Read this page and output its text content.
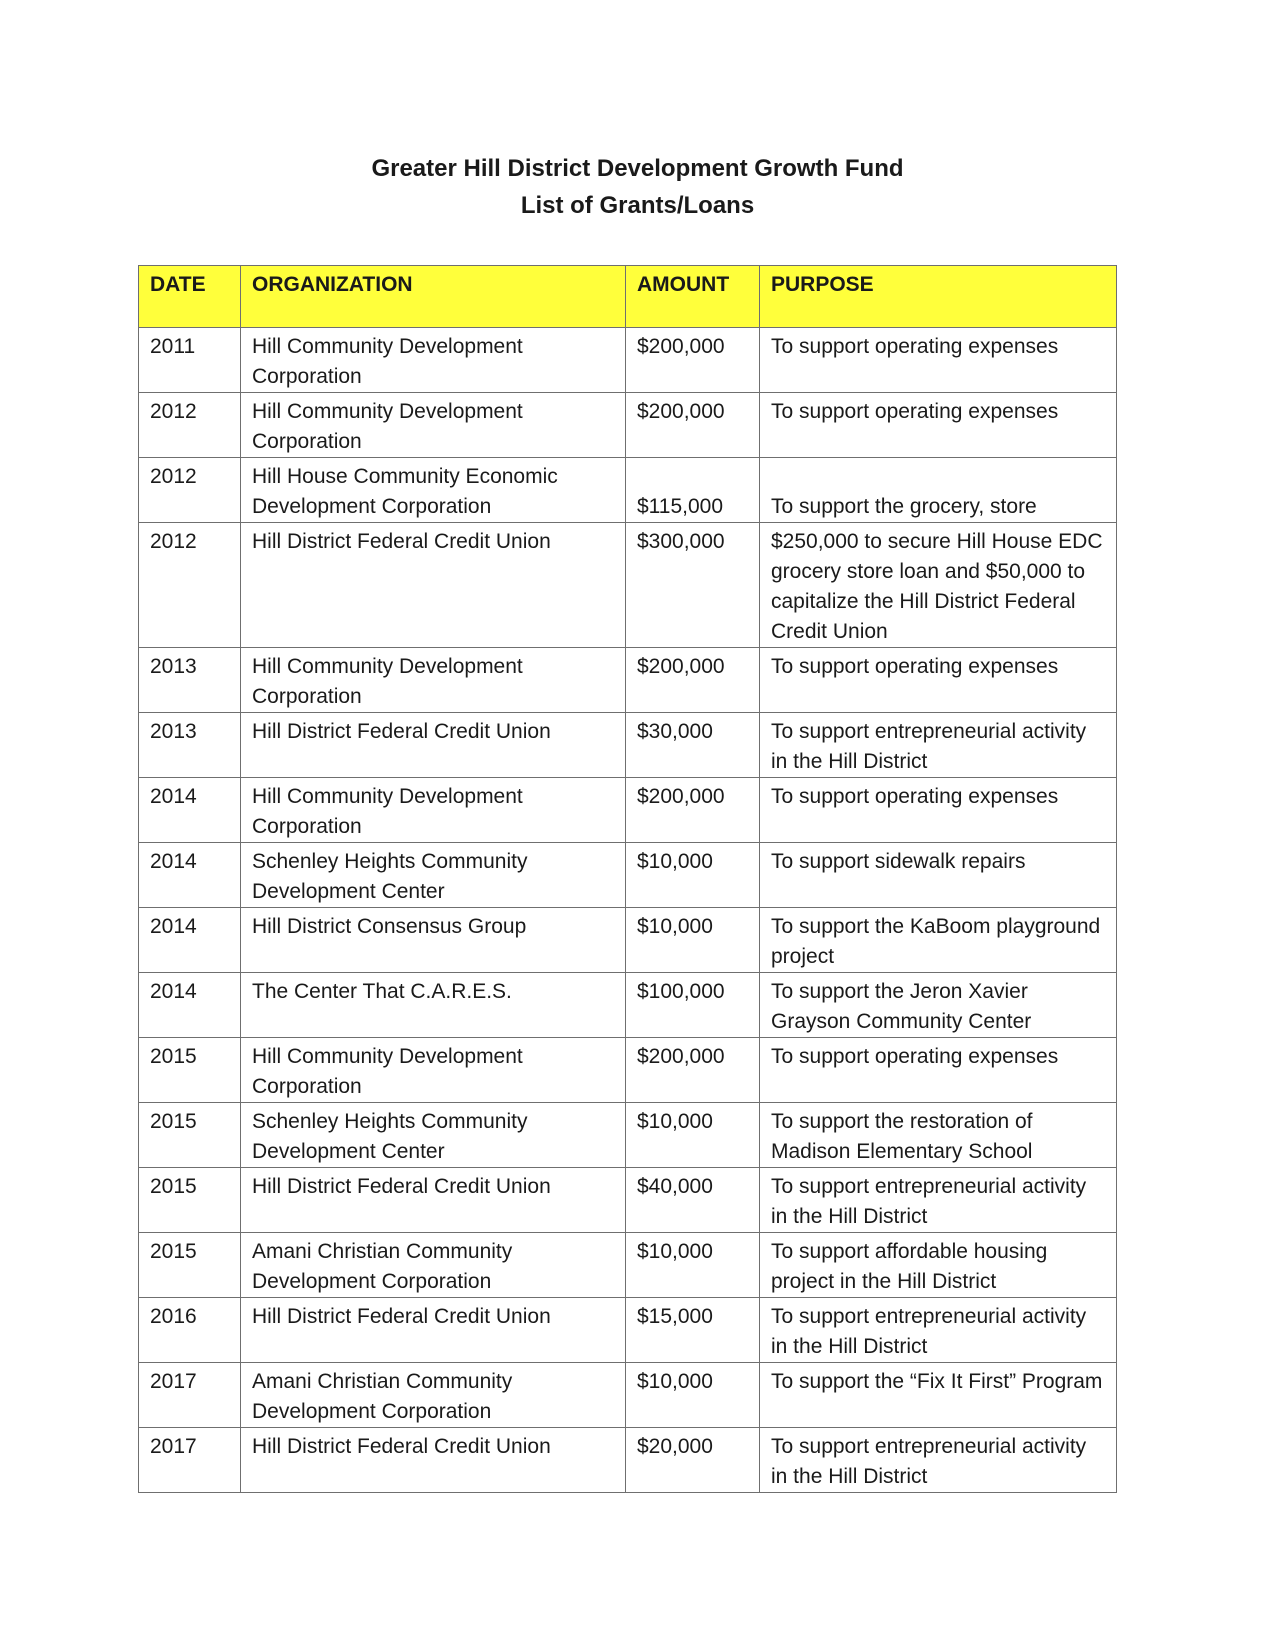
Greater Hill District Development Growth Fund
List of Grants/Loans
DATE	ORGANIZATION	AMOUNT	PURPOSE
2011	Hill Community Development Corporation	$200,000	To support operating expenses
2012	Hill Community Development Corporation	$200,000	To support operating expenses
2012	Hill House Community Economic Development Corporation	$115,000	To support the grocery, store
2012	Hill District Federal Credit Union	$300,000	$250,000 to secure Hill House EDC grocery store loan and $50,000 to capitalize the Hill District Federal Credit Union
2013	Hill Community Development Corporation	$200,000	To support operating expenses
2013	Hill District Federal Credit Union	$30,000	To support entrepreneurial activity in the Hill District
2014	Hill Community Development Corporation	$200,000	To support operating expenses
2014	Schenley Heights Community Development Center	$10,000	To support sidewalk repairs
2014	Hill District Consensus Group	$10,000	To support the KaBoom playground project
2014	The Center That C.A.R.E.S.	$100,000	To support the Jeron Xavier Grayson Community Center
2015	Hill Community Development Corporation	$200,000	To support operating expenses
2015	Schenley Heights Community Development Center	$10,000	To support the restoration of Madison Elementary School
2015	Hill District Federal Credit Union	$40,000	To support entrepreneurial activity in the Hill District
2015	Amani Christian Community Development Corporation	$10,000	To support affordable housing project in the Hill District
2016	Hill District Federal Credit Union	$15,000	To support entrepreneurial activity in the Hill District
2017	Amani Christian Community Development Corporation	$10,000	To support the “Fix It First” Program
2017	Hill District Federal Credit Union	$20,000	To support entrepreneurial activity in the Hill District
